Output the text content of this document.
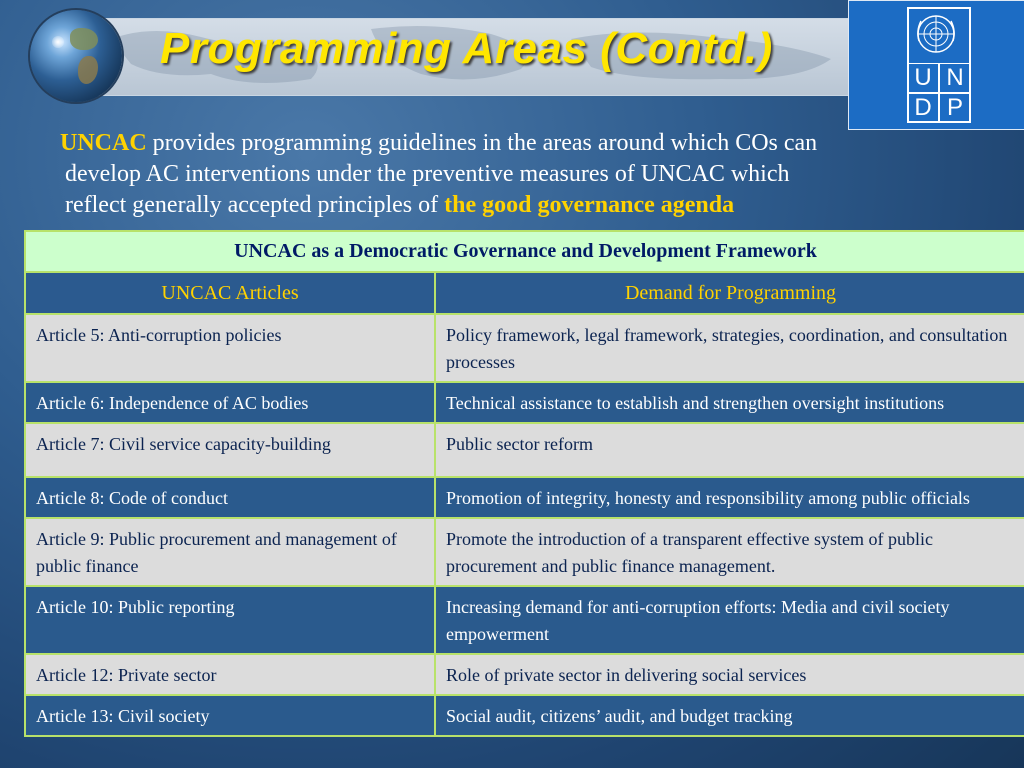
Programming Areas (Contd.)
U N
D P
UNCAC provides programming guidelines in the areas around which COs can
develop AC interventions under the preventive measures of UNCAC which
reflect generally accepted principles of the good governance agenda
UNCAC as a Democratic Governance and Development Framework	
UNCAC Articles	Demand for Programming
Article 5: Anti-corruption policies	Policy framework, legal framework, strategies, coordination, and consultation processes
Article 6: Independence of AC bodies	Technical assistance to establish and strengthen oversight institutions
Article 7: Civil service capacity-building	Public sector reform
Article 8: Code of conduct	Promotion of integrity, honesty and responsibility among public officials
Article 9: Public procurement and management of public finance	Promote the introduction of a transparent effective system of public procurement and public finance management.
Article 10: Public reporting	Increasing demand for anti-corruption efforts: Media and civil society empowerment
Article 12: Private sector	Role of private sector in delivering social services
Article 13: Civil society	Social audit, citizens’ audit, and budget tracking
